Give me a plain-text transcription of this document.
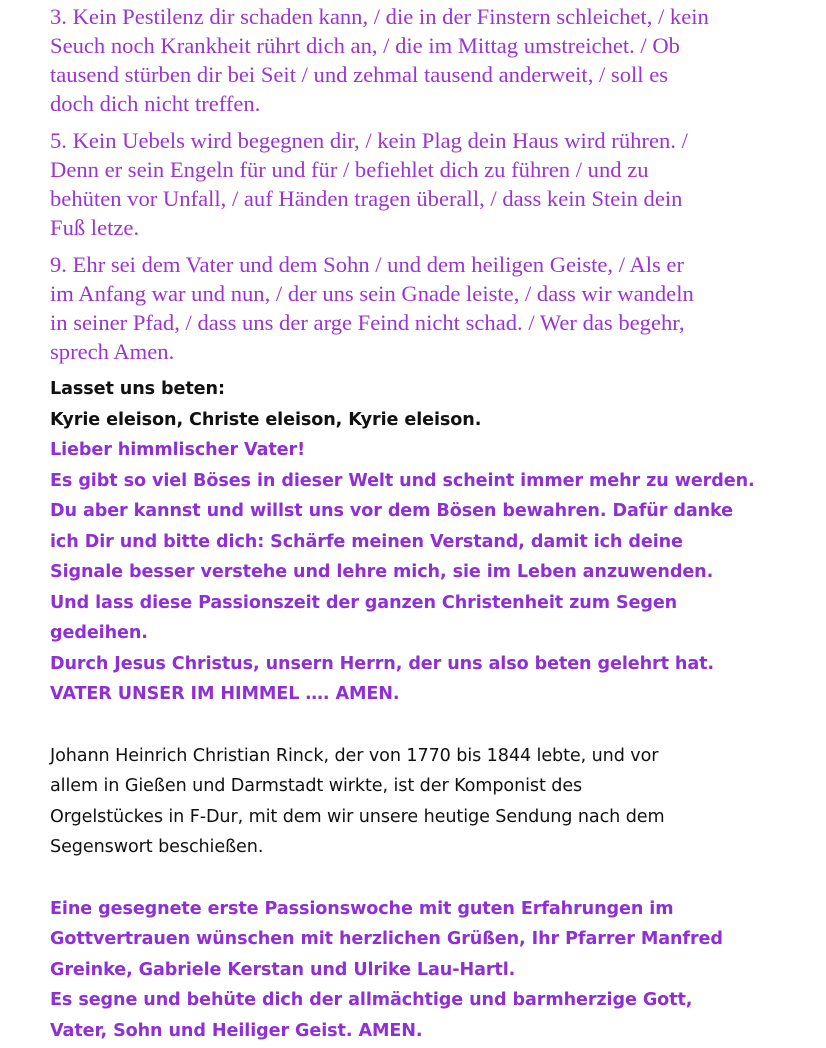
3. Kein Pestilenz dir schaden kann, / die in der Finstern schleichet, / kein
Seuch noch Krankheit rührt dich an, / die im Mittag umstreichet. / Ob
tausend stürben dir bei Seit / und zehmal tausend anderweit, / soll es
doch dich nicht treffen.

5. Kein Uebels wird begegnen dir, / kein Plag dein Haus wird rühren. /
Denn er sein Engeln für und für / befiehlet dich zu führen / und zu
behüten vor Unfall, / auf Händen tragen überall, / dass kein Stein dein
Fuß letze.

9. Ehr sei dem Vater und dem Sohn / und dem heiligen Geiste, / Als er
im Anfang war und nun, / der uns sein Gnade leiste, / dass wir wandeln
in seiner Pfad, / dass uns der arge Feind nicht schad. / Wer das begehr,
sprech Amen.

Lasset uns beten:
Kyrie eleison, Christe eleison, Kyrie eleison.

Lieber himmlischer Vater!
Es gibt so viel Böses in dieser Welt und scheint immer mehr zu werden.
Du aber kannst und willst uns vor dem Bösen bewahren. Dafür danke
ich Dir und bitte dich: Schärfe meinen Verstand, damit ich deine
Signale besser verstehe und lehre mich, sie im Leben anzuwenden.
Und lass diese Passionszeit der ganzen Christenheit zum Segen
gedeihen.
Durch Jesus Christus, unsern Herrn, der uns also beten gelehrt hat.
VATER UNSER IM HIMMEL …. AMEN.

Johann Heinrich Christian Rinck, der von 1770 bis 1844 lebte, und vor
allem in Gießen und Darmstadt wirkte, ist der Komponist des
Orgelstückes in F-Dur, mit dem wir unsere heutige Sendung nach dem
Segenswort beschießen.

Eine gesegnete erste Passionswoche mit guten Erfahrungen im
Gottvertrauen wünschen mit herzlichen Grüßen, Ihr Pfarrer Manfred
Greinke, Gabriele Kerstan und Ulrike Lau-Hartl.
Es segne und behüte dich der allmächtige und barmherzige Gott,
Vater, Sohn und Heiliger Geist. AMEN.
